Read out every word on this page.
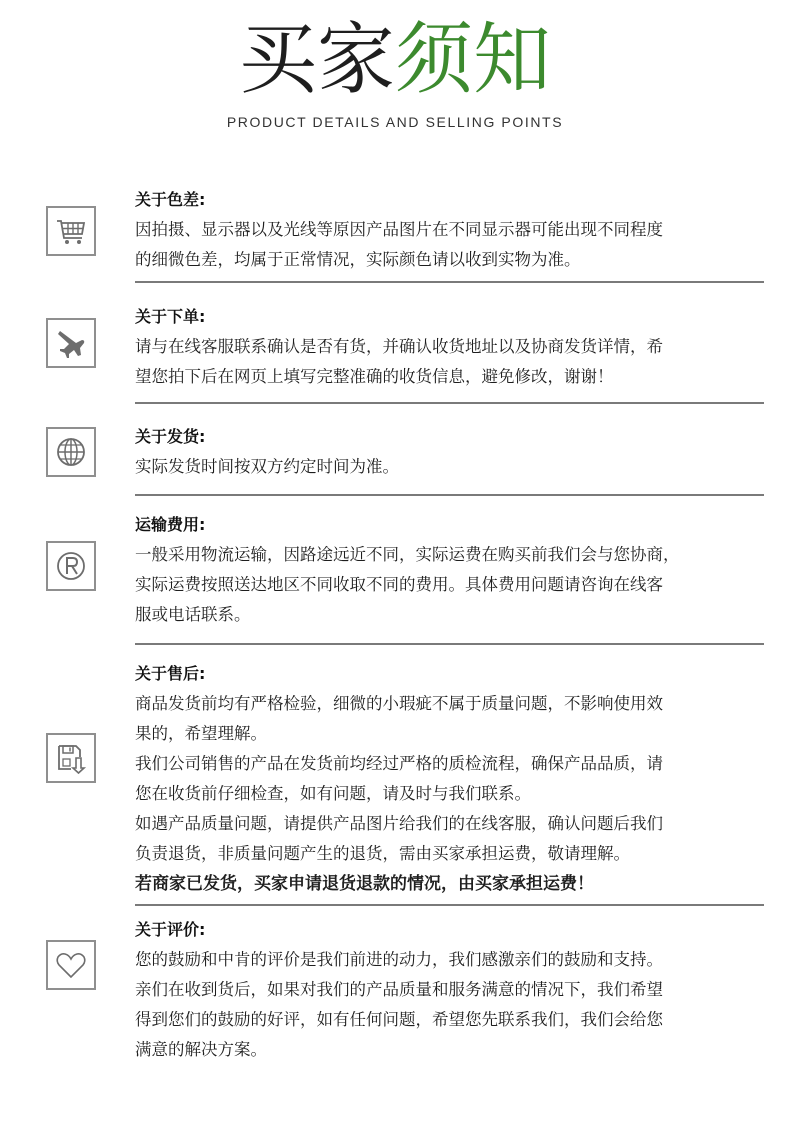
买家须知
PRODUCT DETAILS AND SELLING POINTS
关于色差:
因拍摄、显示器以及光线等原因产品图片在不同显示器可能出现不同程度
的细微色差，均属于正常情况，实际颜色请以收到实物为准。
关于下单:
请与在线客服联系确认是否有货，并确认收货地址以及协商发货详情，希
望您拍下后在网页上填写完整准确的收货信息，避免修改，谢谢！
关于发货:
实际发货时间按双方约定时间为准。
运输费用:
一般采用物流运输，因路途远近不同，实际运费在购买前我们会与您协商，
实际运费按照送达地区不同收取不同的费用。具体费用问题请咨询在线客
服或电话联系。
关于售后:
商品发货前均有严格检验，细微的小瑕疵不属于质量问题，不影响使用效
果的，希望理解。
我们公司销售的产品在发货前均经过严格的质检流程，确保产品品质，请
您在收货前仔细检查，如有问题，请及时与我们联系。
如遇产品质量问题，请提供产品图片给我们的在线客服，确认问题后我们
负责退货，非质量问题产生的退货，需由买家承担运费，敬请理解。
若商家已发货，买家申请退货退款的情况，由买家承担运费！
关于评价:
您的鼓励和中肯的评价是我们前进的动力，我们感激亲们的鼓励和支持。
亲们在收到货后，如果对我们的产品质量和服务满意的情况下，我们希望
得到您们的鼓励的好评，如有任何问题，希望您先联系我们，我们会给您
满意的解决方案。
